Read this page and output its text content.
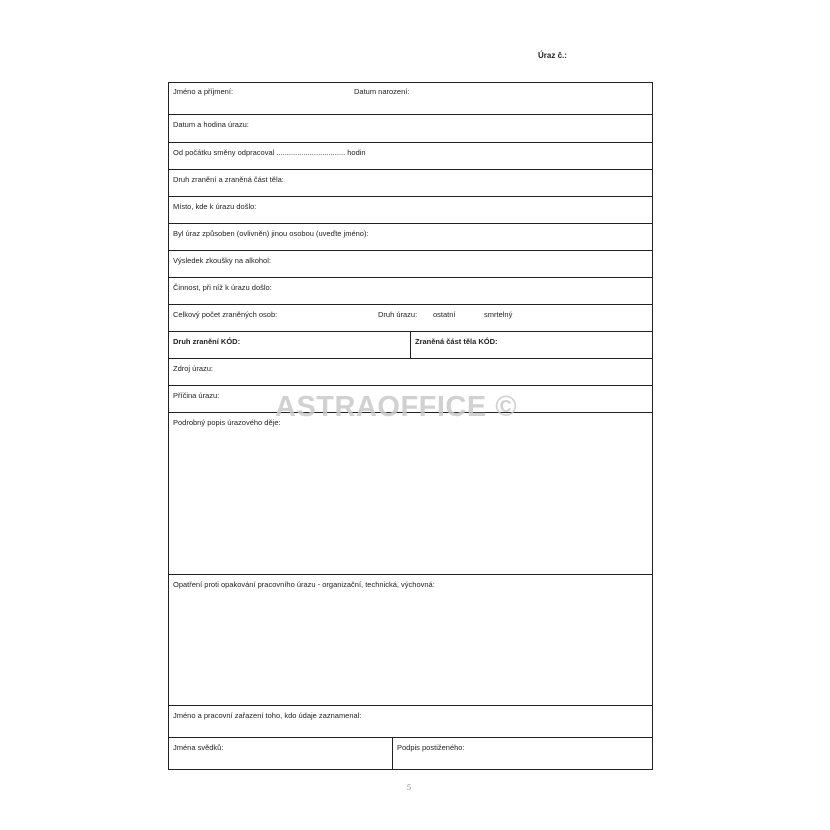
Úraz č.:
Jméno a příjmení:	Datum narození:
Datum a hodina úrazu:
Od počátku směny odpracoval ................................. hodin
Druh zranění a zraněná část těla:
Místo, kde k úrazu došlo:
Byl úraz způsoben (ovlivněn) jinou osobou (uveďte jméno):
Výsledek zkoušky na alkohol:
Činnost, při níž k úrazu došlo:
Celkový počet zraněných osob:	Druh úrazu: ostatní	smrtelný
Druh zranění KÓD:	Zraněná část těla KÓD:
Zdroj úrazu:
Příčina úrazu:
Podrobný popis úrazového děje:
Opatření proti opakování pracovního úrazu - organizační, technická, výchovná:
Jméno a pracovní zařazení toho, kdo údaje zaznamenal:
Jména svědků:	Podpis postiženého:
ASTRAOFFICE ©
5
